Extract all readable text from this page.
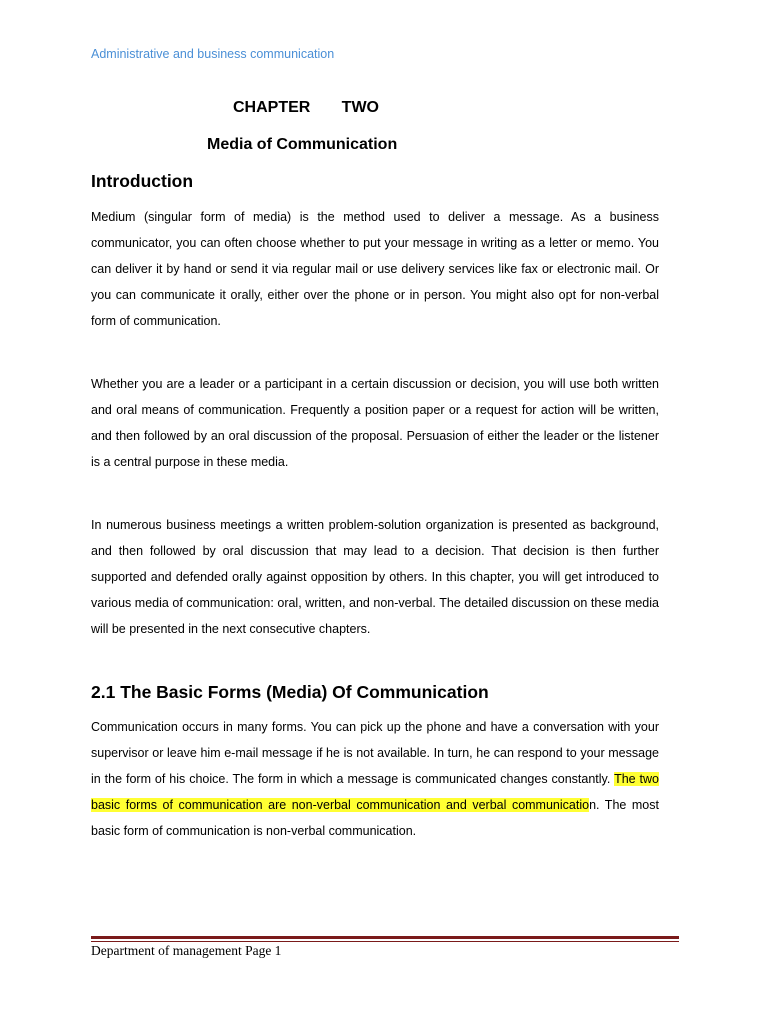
Administrative and business communication
CHAPTER   TWO
Media of Communication
Introduction

Medium (singular form of media) is the method used to deliver a message. As a business communicator, you can often choose whether to put your message in writing as a letter or memo. You can deliver it by hand or send it via regular mail or use delivery services like fax or electronic mail. Or you can communicate it orally, either over the phone or in person. You might also opt for non-verbal form of communication.

Whether you are a leader or a participant in a certain discussion or decision, you will use both written and oral means of communication. Frequently a position paper or a request for action will be written, and then followed by an oral discussion of the proposal. Persuasion of either the leader or the listener is a central purpose in these media.

In numerous business meetings a written problem-solution organization is presented as background, and then followed by oral discussion that may lead to a decision. That decision is then further supported and defended orally against opposition by others. In this chapter, you will get introduced to various media of communication: oral, written, and non-verbal. The detailed discussion on these media will be presented in the next consecutive chapters.

2.1 The Basic Forms (Media) Of Communication

Communication occurs in many forms. You can pick up the phone and have a conversation with your supervisor or leave him e-mail message if he is not available. In turn, he can respond to your message in the form of his choice. The form in which a message is communicated changes constantly. The two basic forms of communication are non-verbal communication and verbal communication. The most basic form of communication is non-verbal communication.

Department of management Page 1
